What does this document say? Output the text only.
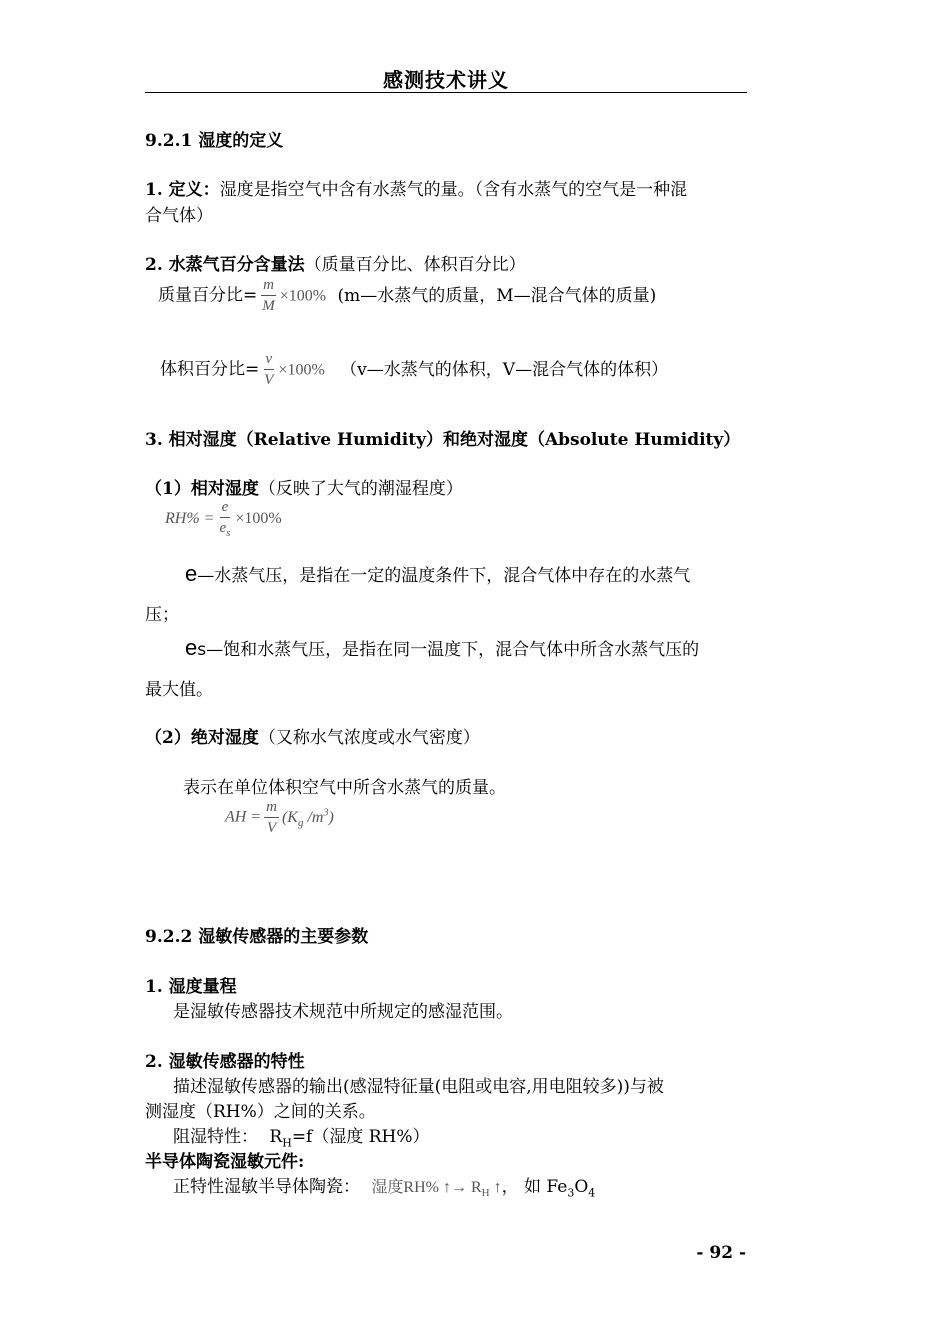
感测技术讲义
9.2.1 湿度的定义
1. 定义：湿度是指空气中含有水蒸气的量。（含有水蒸气的空气是一种混
合气体）
2. 水蒸气百分含量法（质量百分比、体积百分比）
质量百分比= $\frac{m}{M} \times 100\%$ (m—水蒸气的质量，M—混合气体的质量)
体积百分比= $\frac{v}{V} \times 100\%$ （v—水蒸气的体积，V—混合气体的体积）
3. 相对湿度（Relative Humidity）和绝对湿度（Absolute Humidity）
（1）相对湿度（反映了大气的潮湿程度）
$RH\% = \frac{e}{e_s} \times 100\%$
e—水蒸气压，是指在一定的温度条件下，混合气体中存在的水蒸气
压；
es—饱和水蒸气压，是指在同一温度下，混合气体中所含水蒸气压的
最大值。
（2）绝对湿度（又称水气浓度或水气密度）
表示在单位体积空气中所含水蒸气的质量。
AH = $\frac{m}{V} (K_g$ $/m^3$)
9.2.2 湿敏传感器的主要参数
1. 湿度量程
是湿敏传感器技术规范中所规定的感湿范围。
2. 湿敏传感器的特性
描述湿敏传感器的输出(感湿特征量(电阻或电容,用电阻较多))与被
测湿度（RH%）之间的关系。
阻湿特性： $R_H=f$（湿度 RH%）
半导体陶瓷湿敏元件:
正特性湿敏半导体陶瓷： 湿度RH% ↑→ $R_H$ ↑， 如 $Fe_3O_4$
- 92 -
